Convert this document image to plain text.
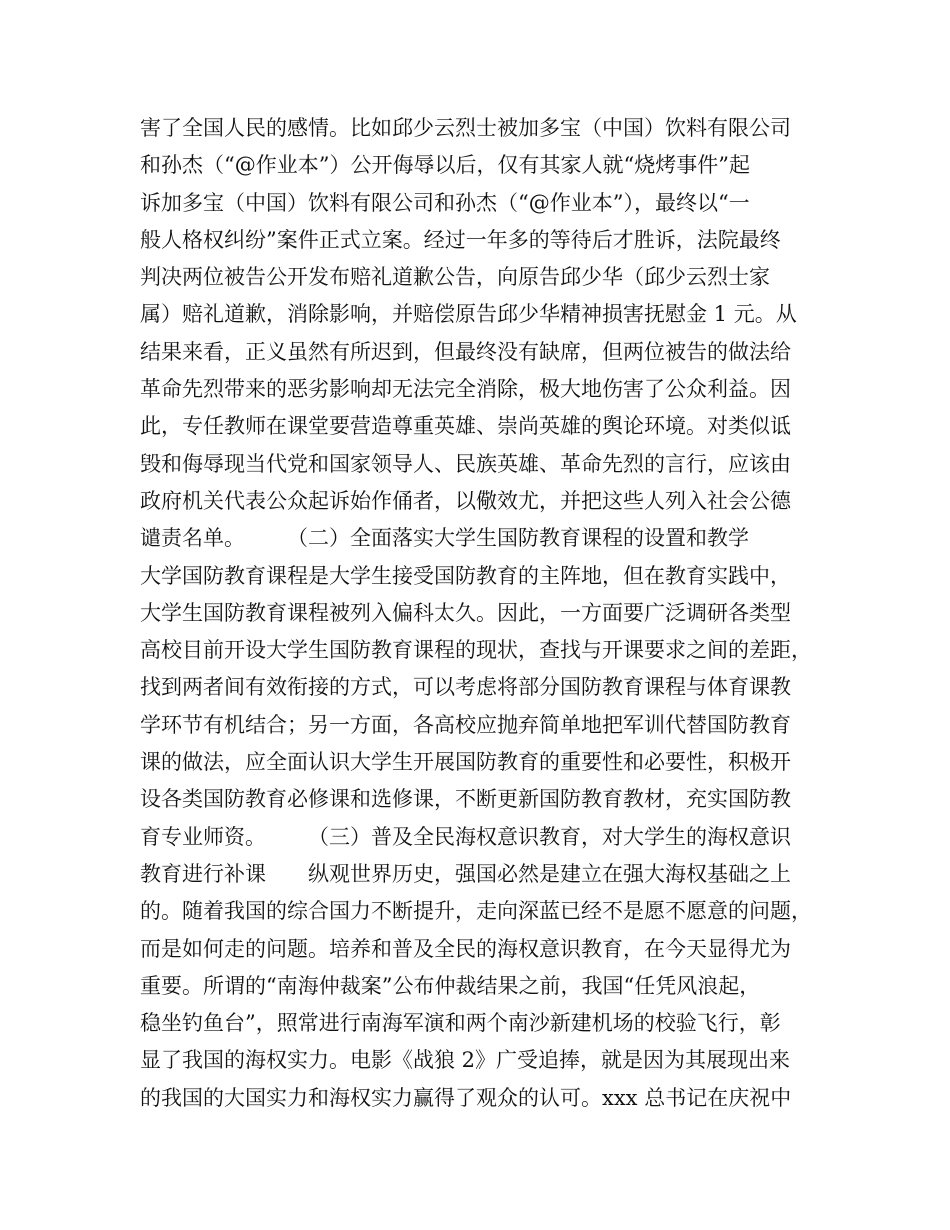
害了全国人民的感情。比如邱少云烈士被加多宝（中国）饮料有限公司
和孙杰（“@作业本”）公开侮辱以后，仅有其家人就“烧烤事件”起
诉加多宝（中国）饮料有限公司和孙杰（“@作业本”），最终以“一
般人格权纠纷”案件正式立案。经过一年多的等待后才胜诉，法院最终
判决两位被告公开发布赔礼道歉公告，向原告邱少华（邱少云烈士家
属）赔礼道歉，消除影响，并赔偿原告邱少华精神损害抚慰金 1 元。从
结果来看，正义虽然有所迟到，但最终没有缺席，但两位被告的做法给
革命先烈带来的恶劣影响却无法完全消除，极大地伤害了公众利益。因
此，专任教师在课堂要营造尊重英雄、崇尚英雄的舆论环境。对类似诋
毁和侮辱现当代党和国家领导人、民族英雄、革命先烈的言行，应该由
政府机关代表公众起诉始作俑者，以儆效尤，并把这些人列入社会公德
谴责名单。　　　（二）全面落实大学生国防教育课程的设置和教学
大学国防教育课程是大学生接受国防教育的主阵地，但在教育实践中，
大学生国防教育课程被列入偏科太久。因此，一方面要广泛调研各类型
高校目前开设大学生国防教育课程的现状，查找与开课要求之间的差距，
找到两者间有效衔接的方式，可以考虑将部分国防教育课程与体育课教
学环节有机结合；另一方面，各高校应抛弃简单地把军训代替国防教育
课的做法，应全面认识大学生开展国防教育的重要性和必要性，积极开
设各类国防教育必修课和选修课，不断更新国防教育教材，充实国防教
育专业师资。　　　（三）普及全民海权意识教育，对大学生的海权意识
教育进行补课　　纵观世界历史，强国必然是建立在强大海权基础之上
的。随着我国的综合国力不断提升，走向深蓝已经不是愿不愿意的问题，
而是如何走的问题。培养和普及全民的海权意识教育，在今天显得尤为
重要。所谓的“南海仲裁案”公布仲裁结果之前，我国“任凭风浪起，
稳坐钓鱼台”，照常进行南海军演和两个南沙新建机场的校验飞行，彰
显了我国的海权实力。电影《战狼 2》广受追捧，就是因为其展现出来
的我国的大国实力和海权实力赢得了观众的认可。xxx 总书记在庆祝中
